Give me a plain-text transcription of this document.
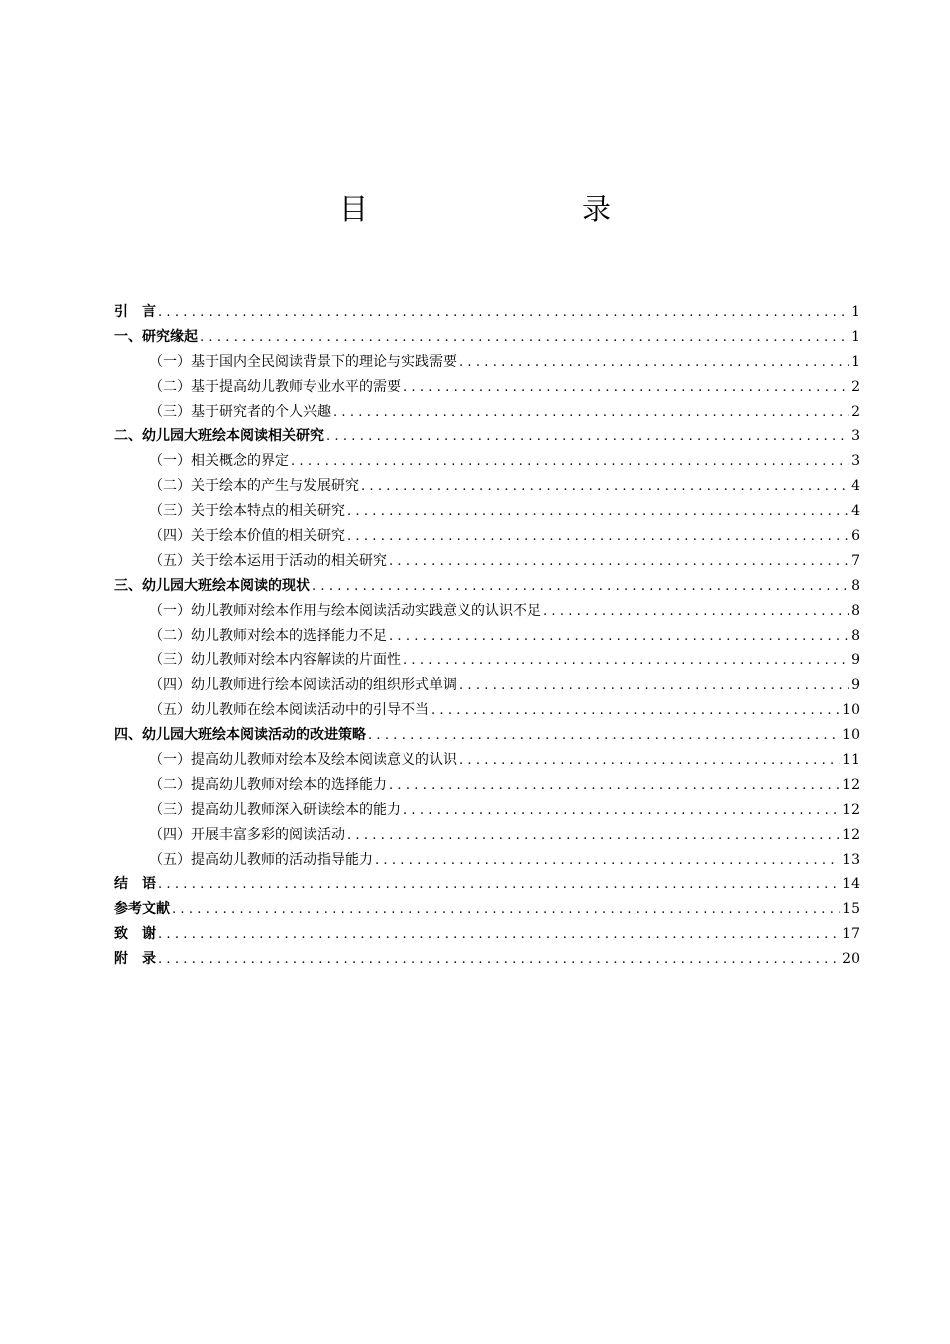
目　　录
引　言 .....	1
一、研究缘起 .....	1
（一）基于国内全民阅读背景下的理论与实践需要 .....	1
（二）基于提高幼儿教师专业水平的需要 .....	2
（三）基于研究者的个人兴趣 .....	2
二、幼儿园大班绘本阅读相关研究 .....	3
（一）相关概念的界定 .....	3
（二）关于绘本的产生与发展研究 .....	4
（三）关于绘本特点的相关研究 .....	4
（四）关于绘本价值的相关研究 .....	6
（五）关于绘本运用于活动的相关研究 .....	7
三、幼儿园大班绘本阅读的现状 .....	8
（一）幼儿教师对绘本作用与绘本阅读活动实践意义的认识不足 .....	8
（二）幼儿教师对绘本的选择能力不足 .....	8
（三）幼儿教师对绘本内容解读的片面性 .....	9
（四）幼儿教师进行绘本阅读活动的组织形式单调 .....	9
（五）幼儿教师在绘本阅读活动中的引导不当 .....	10
四、幼儿园大班绘本阅读活动的改进策略 .....	10
（一）提高幼儿教师对绘本及绘本阅读意义的认识 .....	11
（二）提高幼儿教师对绘本的选择能力 .....	12
（三）提高幼儿教师深入研读绘本的能力 .....	12
（四）开展丰富多彩的阅读活动 .....	12
（五）提高幼儿教师的活动指导能力 .....	13
结　语 .....	14
参考文献 .....	15
致　谢 .....	17
附　录 .....	20
